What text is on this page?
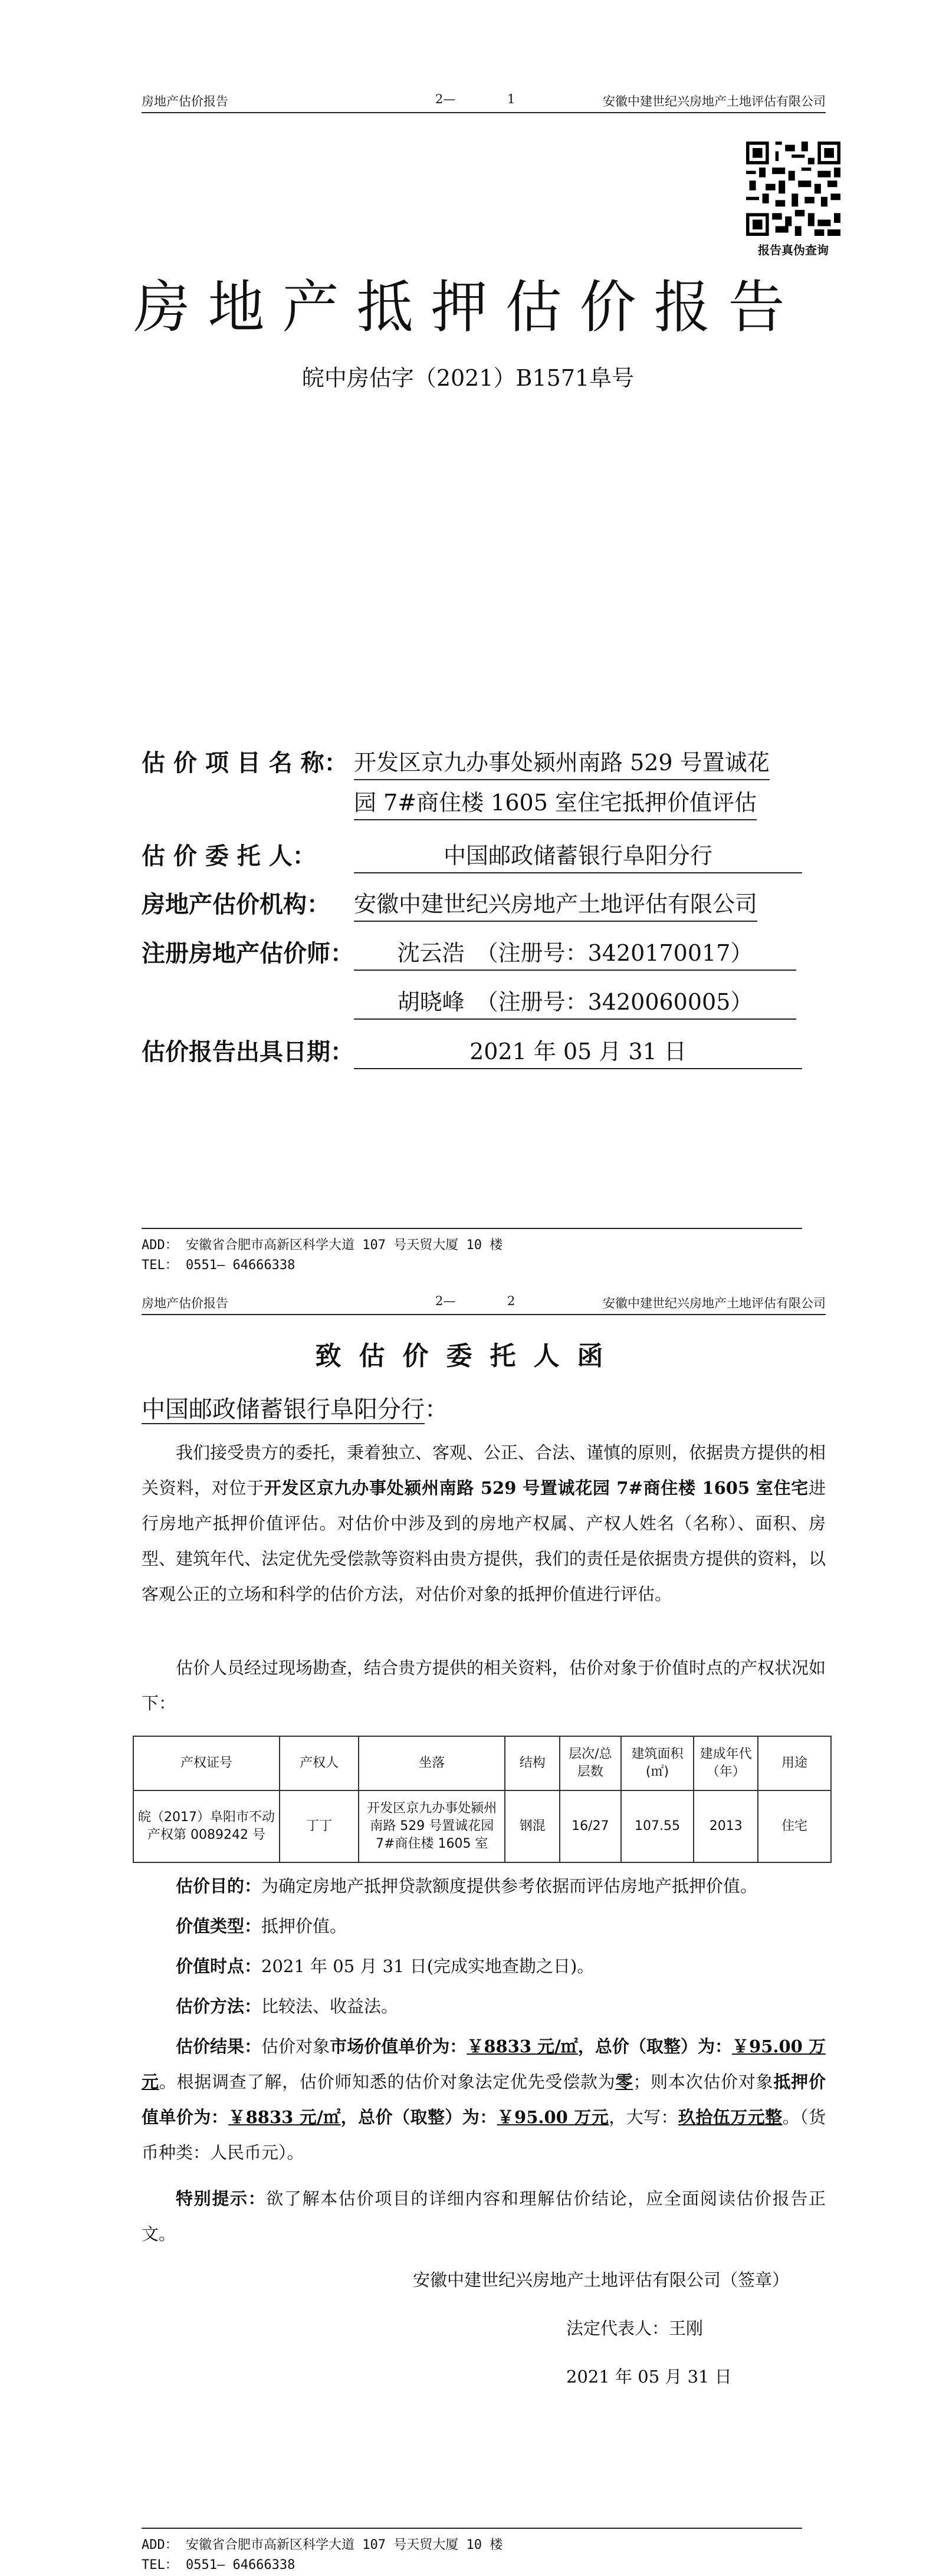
房地产估价报告	2—	1	安徽中建世纪兴房地产土地评估有限公司
报告真伪查询
房地产抵押估价报告
皖中房估字（2021）B1571阜号
估 价 项 目 名 称： 开发区京九办事处颍州南路 529 号置诚花
园 7#商住楼 1605 室住宅抵押价值评估
估 价 委 托 人：	中国邮政储蓄银行阜阳分行
房地产估价机构： 安徽中建世纪兴房地产土地评估有限公司
注册房地产估价师：	沈云浩　（注册号：3420170017）
胡晓峰　（注册号：3420060005）
估价报告出具日期：	2021 年 05 月 31 日
ADD： 安徽省合肥市高新区科学大道 107 号天贸大厦 10 楼
TEL： 0551— 64666338
房地产估价报告	2—	2	安徽中建世纪兴房地产土地评估有限公司
致估价委托人函
中国邮政储蓄银行阜阳分行：
我们接受贵方的委托，秉着独立、客观、公正、合法、谨慎的原则，依据贵方提供的相关资料，对位于开发区京九办事处颍州南路 529 号置诚花园 7#商住楼 1605 室住宅进行房地产抵押价值评估。对估价中涉及到的房地产权属、产权人姓名（名称）、面积、房型、建筑年代、法定优先受偿款等资料由贵方提供，我们的责任是依据贵方提供的资料，以客观公正的立场和科学的估价方法，对估价对象的抵押价值进行评估。
估价人员经过现场勘查，结合贵方提供的相关资料，估价对象于价值时点的产权状况如下：
产权证号	产权人	坐落	结构	层次/总层数	建筑面积(㎡)	建成年代（年）	用途
皖（2017）阜阳市不动产权第 0089242 号	丁丁	开发区京九办事处颍州南路 529 号置诚花园 7#商住楼 1605 室	钢混	16/27	107.55	2013	住宅
估价目的：为确定房地产抵押贷款额度提供参考依据而评估房地产抵押价值。
价值类型：抵押价值。
价值时点：2021 年 05 月 31 日(完成实地查勘之日)。
估价方法：比较法、收益法。
估价结果：估价对象市场价值单价为：￥8833 元/㎡，总价（取整）为：￥95.00 万元。根据调查了解，估价师知悉的估价对象法定优先受偿款为零；则本次估价对象抵押价值单价为：￥8833 元/㎡，总价（取整）为：￥95.00 万元，大写：玖拾伍万元整。（货币种类：人民币元）。
特别提示：欲了解本估价项目的详细内容和理解估价结论，应全面阅读估价报告正文。
安徽中建世纪兴房地产土地评估有限公司（签章）
法定代表人：王刚
2021 年 05 月 31 日
ADD： 安徽省合肥市高新区科学大道 107 号天贸大厦 10 楼
TEL： 0551— 64666338
